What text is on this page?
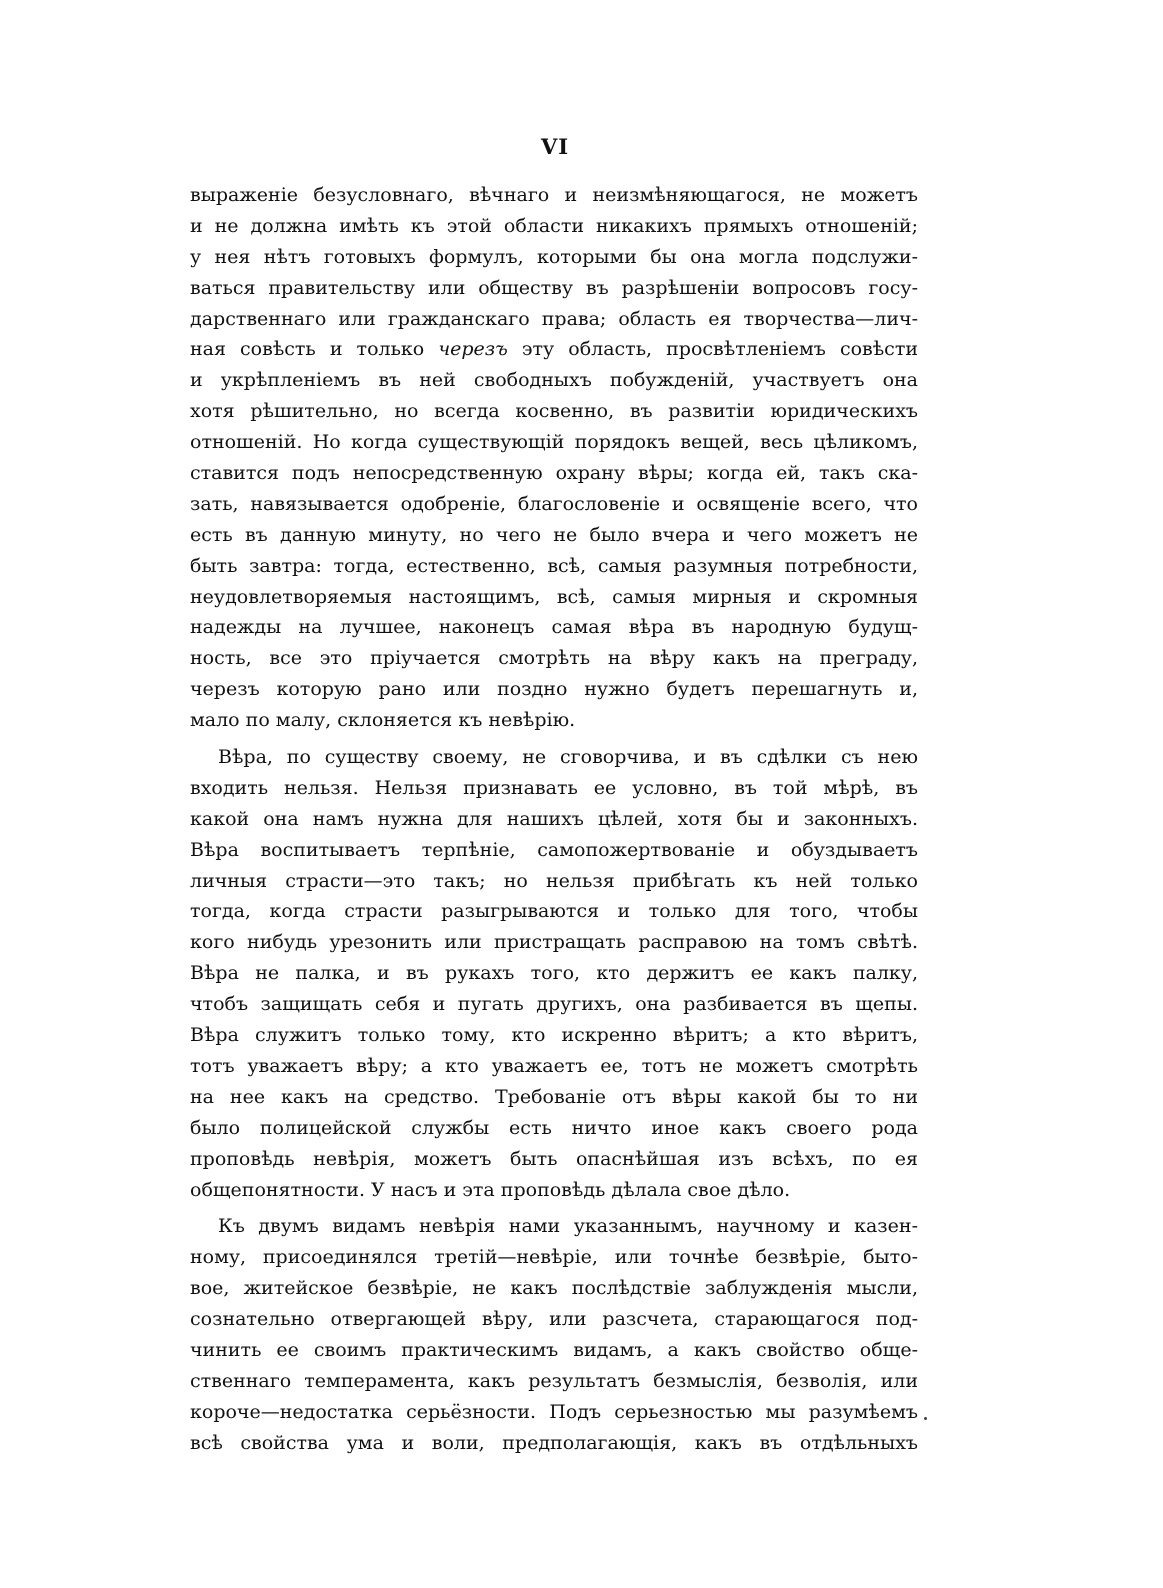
VI
выраженіе безусловнаго, вѣчнаго и неизмѣняющагося, не можетъ
и не должна имѣть къ этой области никакихъ прямыхъ отношеній;
у нея нѣтъ готовыхъ формулъ, которыми бы она могла подслужи-
ваться правительству или обществу въ разрѣшеніи вопросовъ госу-
дарственнаго или гражданскаго права; область ея творчества—лич-
ная совѣсть и только черезъ эту область, просвѣтленіемъ совѣсти
и укрѣпленіемъ въ ней свободныхъ побужденій, участвуетъ она
хотя рѣшительно, но всегда косвенно, въ развитіи юридическихъ
отношеній. Но когда существующій порядокъ вещей, весь цѣликомъ,
ставится подъ непосредственную охрану вѣры; когда ей, такъ ска-
зать, навязывается одобреніе, благословеніе и освященіе всего, что
есть въ данную минуту, но чего не было вчера и чего можетъ не
быть завтра: тогда, естественно, всѣ, самыя разумныя потребности,
неудовлетворяемыя настоящимъ, всѣ, самыя мирныя и скромныя
надежды на лучшее, наконецъ самая вѣра въ народную будущ-
ность, все это пріучается смотрѣть на вѣру какъ на преграду,
черезъ которую рано или поздно нужно будетъ перешагнуть и,
мало по малу, склоняется къ невѣрію.
Вѣра, по существу своему, не сговорчива, и въ сдѣлки съ нею
входить нельзя. Нельзя признавать ее условно, въ той мѣрѣ, въ
какой она намъ нужна для нашихъ цѣлей, хотя бы и законныхъ.
Вѣра воспитываетъ терпѣніе, самопожертвованіе и обуздываетъ
личныя страсти—это такъ; но нельзя прибѣгать къ ней только
тогда, когда страсти разыгрываются и только для того, чтобы
кого нибудь урезонить или пристращать расправою на томъ свѣтѣ.
Вѣра не палка, и въ рукахъ того, кто держитъ ее какъ палку,
чтобъ защищать себя и пугать другихъ, она разбивается въ щепы.
Вѣра служитъ только тому, кто искренно вѣритъ; а кто вѣритъ,
тотъ уважаетъ вѣру; а кто уважаетъ ее, тотъ не можетъ смотрѣть
на нее какъ на средство. Требованіе отъ вѣры какой бы то ни
было полицейской службы есть ничто иное какъ своего рода
проповѣдь невѣрія, можетъ быть опаснѣйшая изъ всѣхъ, по ея
общепонятности. У насъ и эта проповѣдь дѣлала свое дѣло.
Къ двумъ видамъ невѣрія нами указаннымъ, научному и казен-
ному, присоединялся третій—невѣріе, или точнѣе безвѣріе, быто-
вое, житейское безвѣріе, не какъ послѣдствіе заблужденія мысли,
сознательно отвергающей вѣру, или разсчета, старающагося под-
чинить ее своимъ практическимъ видамъ, а какъ свойство обще-
ственнаго темперамента, какъ результатъ безмыслія, безволія, или
короче—недостатка серьёзности. Подъ серьезностью мы разумѣемъ
всѣ свойства ума и воли, предполагающія, какъ въ отдѣльныхъ
